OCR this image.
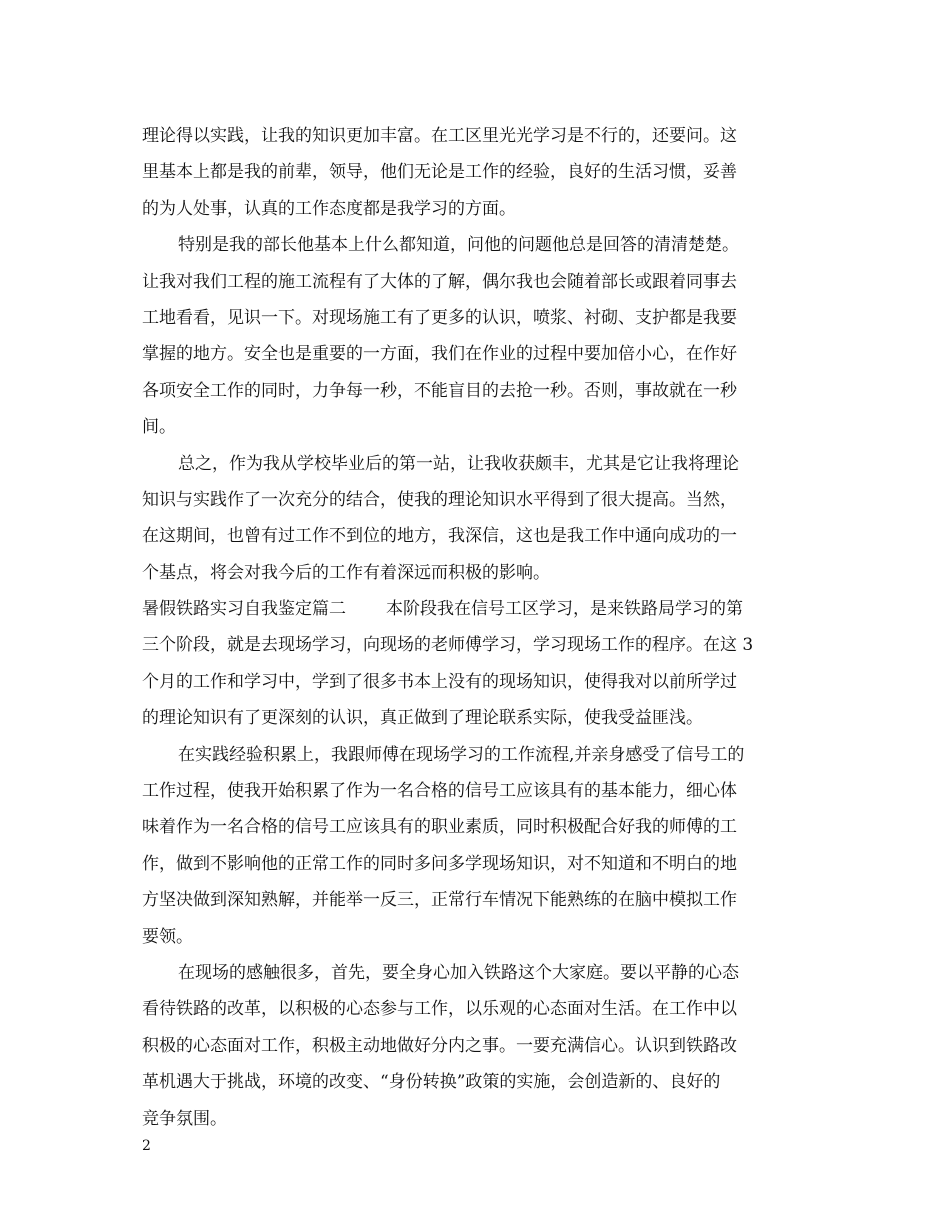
理论得以实践，让我的知识更加丰富。在工区里光光学习是不行的，还要问。这
里基本上都是我的前辈，领导，他们无论是工作的经验，良好的生活习惯，妥善
的为人处事，认真的工作态度都是我学习的方面。
特别是我的部长他基本上什么都知道，问他的问题他总是回答的清清楚楚。
让我对我们工程的施工流程有了大体的了解，偶尔我也会随着部长或跟着同事去
工地看看，见识一下。对现场施工有了更多的认识，喷浆、衬砌、支护都是我要
掌握的地方。安全也是重要的一方面，我们在作业的过程中要加倍小心，在作好
各项安全工作的同时，力争每一秒，不能盲目的去抢一秒。否则，事故就在一秒
间。
总之，作为我从学校毕业后的第一站，让我收获颇丰，尤其是它让我将理论
知识与实践作了一次充分的结合，使我的理论知识水平得到了很大提高。当然，
在这期间，也曾有过工作不到位的地方，我深信，这也是我工作中通向成功的一
个基点，将会对我今后的工作有着深远而积极的影响。
暑假铁路实习自我鉴定篇二 本阶段我在信号工区学习，是来铁路局学习的第
三个阶段，就是去现场学习，向现场的老师傅学习，学习现场工作的程序。在这 3
个月的工作和学习中，学到了很多书本上没有的现场知识，使得我对以前所学过
的理论知识有了更深刻的认识，真正做到了理论联系实际，使我受益匪浅。
在实践经验积累上，我跟师傅在现场学习的工作流程,并亲身感受了信号工的
工作过程，使我开始积累了作为一名合格的信号工应该具有的基本能力，细心体
味着作为一名合格的信号工应该具有的职业素质，同时积极配合好我的师傅的工
作，做到不影响他的正常工作的同时多问多学现场知识，对不知道和不明白的地
方坚决做到深知熟解，并能举一反三，正常行车情况下能熟练的在脑中模拟工作
要领。
在现场的感触很多，首先，要全身心加入铁路这个大家庭。要以平静的心态
看待铁路的改革，以积极的心态参与工作，以乐观的心态面对生活。在工作中以
积极的心态面对工作，积极主动地做好分内之事。一要充满信心。认识到铁路改
革机遇大于挑战，环境的改变、“身份转换”政策的实施，会创造新的、良好的
竞争氛围。
2
